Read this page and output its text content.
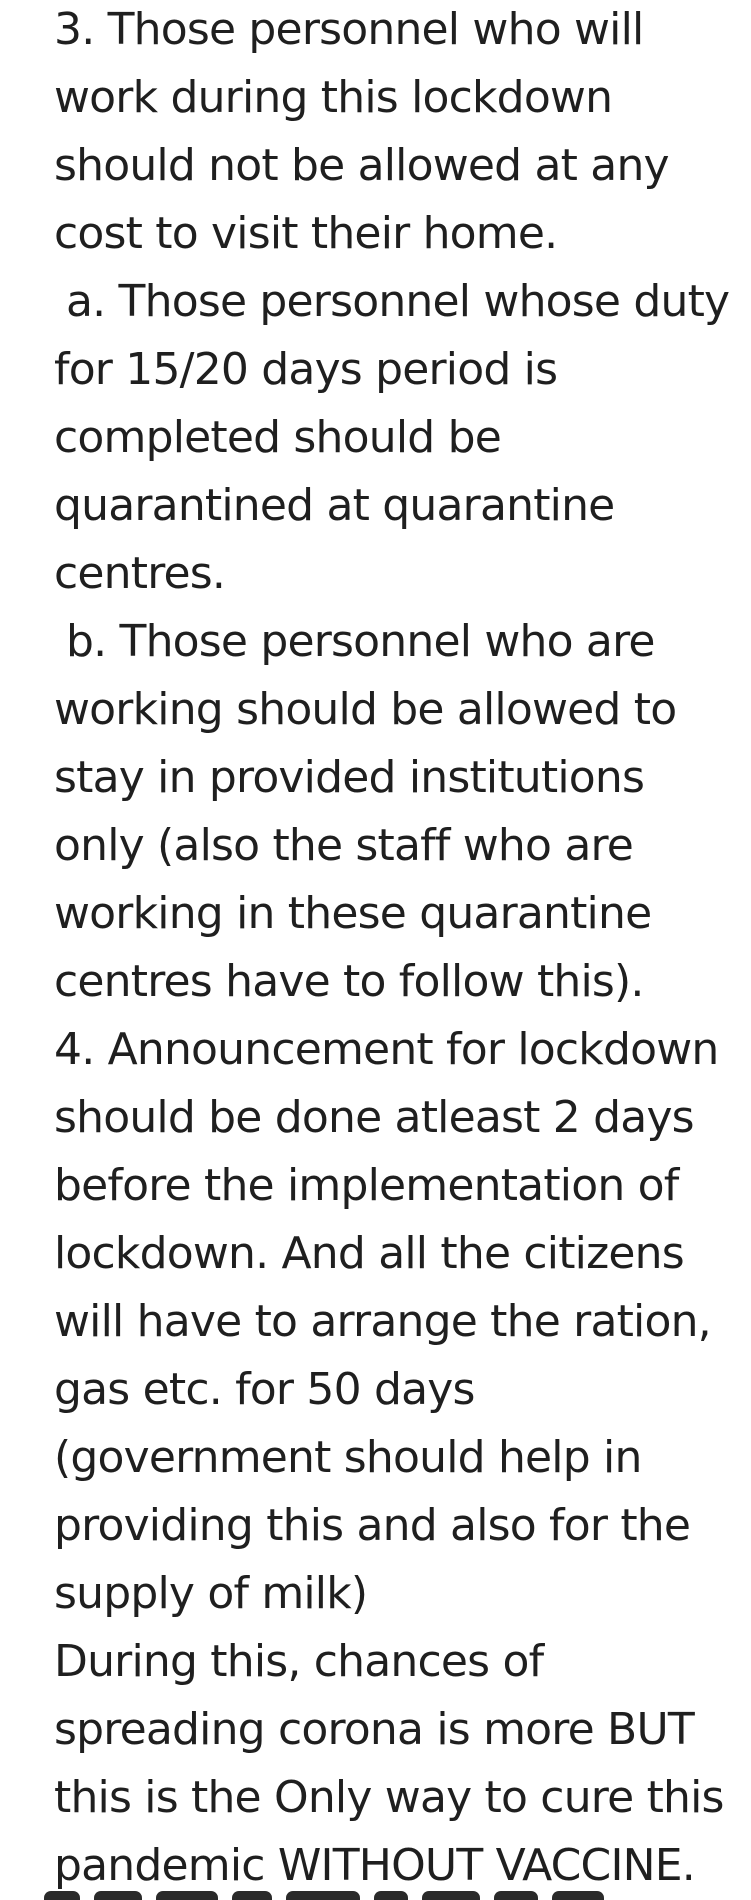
3. Those personnel who will
work during this lockdown
should not be allowed at any
cost to visit their home.
a. Those personnel whose duty
for 15/20 days period is
completed should be
quarantined at quarantine
centres.
b. Those personnel who are
working should be allowed to
stay in provided institutions
only (also the staff who are
working in these quarantine
centres have to follow this).
4. Announcement for lockdown
should be done atleast 2 days
before the implementation of
lockdown. And all the citizens
will have to arrange the ration,
gas etc. for 50 days
(government should help in
providing this and also for the
supply of milk)
During this, chances of
spreading corona is more BUT
this is the Only way to cure this
pandemic WITHOUT VACCINE.
